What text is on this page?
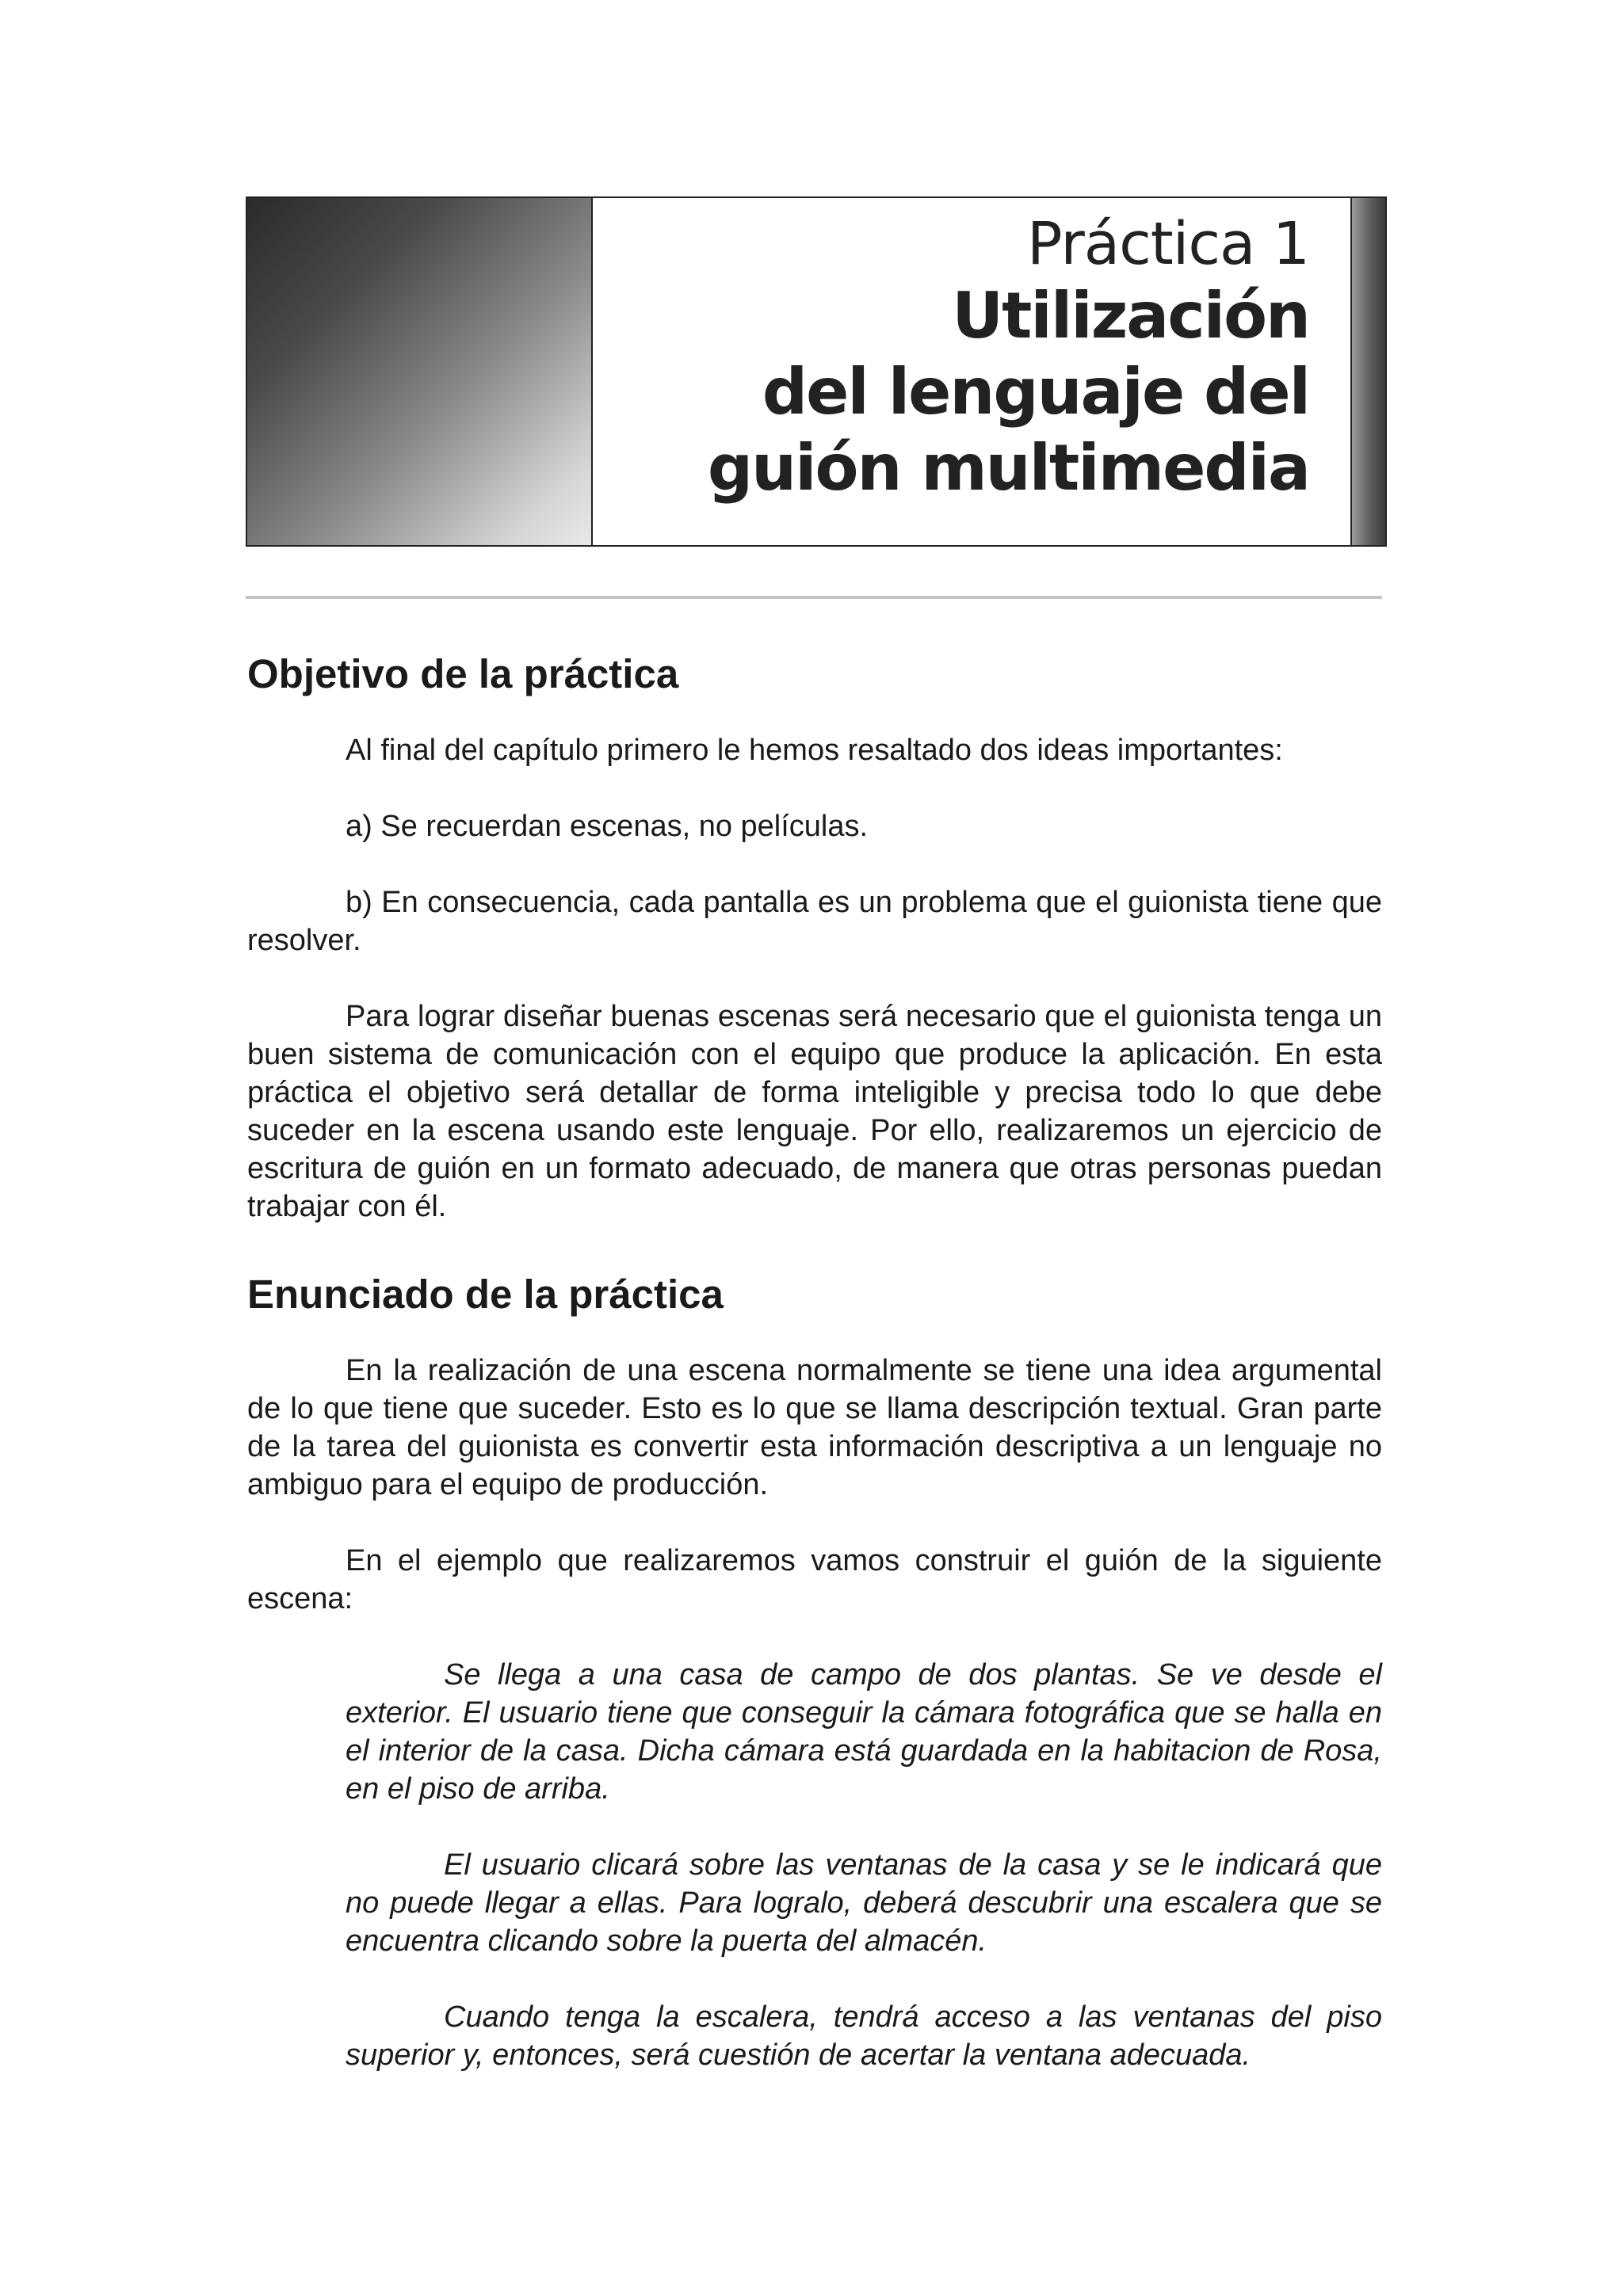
Práctica 1
Utilización
del lenguaje del
guión multimedia
Objetivo de la práctica

Al final del capítulo primero le hemos resaltado dos ideas importantes:

a) Se recuerdan escenas, no películas.

b) En consecuencia, cada pantalla es un problema que el guionista tiene que resolver.

Para lograr diseñar buenas escenas será necesario que el guionista tenga un buen sistema de comunicación con el equipo que produce la aplicación. En esta práctica el objetivo será detallar de forma inteligible y precisa todo lo que debe suceder en la escena usando este lenguaje. Por ello, realizaremos un ejercicio de escritura de guión en un formato adecuado, de manera que otras personas puedan trabajar con él.

Enunciado de la práctica

En la realización de una escena normalmente se tiene una idea argumental de lo que tiene que suceder. Esto es lo que se llama descripción textual. Gran parte de la tarea del guionista es convertir esta información descriptiva a un lenguaje no ambiguo para el equipo de producción.

En el ejemplo que realizaremos vamos construir el guión de la siguiente escena:

Se llega a una casa de campo de dos plantas. Se ve desde el exterior. El usuario tiene que conseguir la cámara fotográfica que se halla en el interior de la casa. Dicha cámara está guardada en la habitacion de Rosa, en el piso de arriba.

El usuario clicará sobre las ventanas de la casa y se le indicará que no puede llegar a ellas. Para logralo, deberá descubrir una escalera que se encuentra clicando sobre la puerta del almacén.

Cuando tenga la escalera, tendrá acceso a las ventanas del piso superior y, entonces, será cuestión de acertar la ventana adecuada.
